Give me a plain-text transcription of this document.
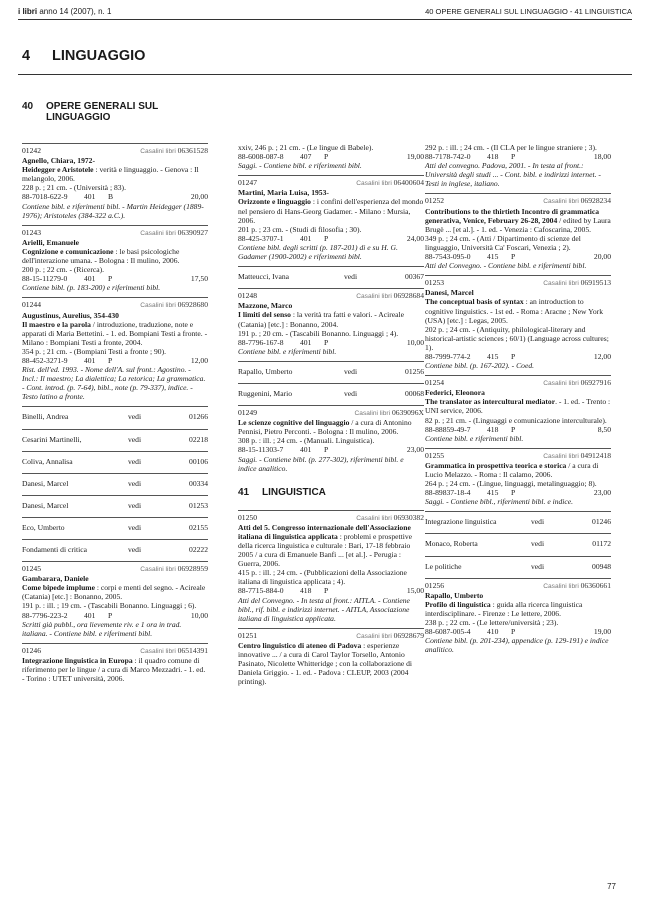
i libri anno 14 (2007), n. 1	40 OPERE GENERALI SUL LINGUAGGIO - 41 LINGUISTICA
4 LINGUAGGIO
40	OPERE GENERALI SUL LINGUAGGIO
01242	Casalini libri 06361528
Agnello, Chiara, 1972-
Heidegger e Aristotele : verità e linguaggio. - Genova : Il melangolo, 2006.
228 p. ; 21 cm. - (Università ; 83).
88-7018-622-9	401	B	20,00
Contiene bibl. e riferimenti bibl. - Martin Heidegger (1889-1976); Aristoteles (384-322 a.C.).
01243	Casalini libri 06390927
Arielli, Emanuele
Cognizione e comunicazione : le basi psicologiche dell'interazione umana. - Bologna : Il mulino, 2006.
200 p. ; 22 cm. - (Ricerca).
88-15-11279-0	401	P	17,50
Contiene bibl. (p. 183-200) e riferimenti bibl.
01244	Casalini libri 06928680
Augustinus, Aurelius, 354-430
Il maestro e la parola / introduzione, traduzione, note e apparati di Maria Bettetini. - 1. ed. Bompiani Testi a fronte. - Milano : Bompiani Testi a fronte, 2004.
354 p. ; 21 cm. - (Bompiani Testi a fronte ; 90).
88-452-3271-9	401	P	12,00
Rist. dell'ed. 1993. - Nome dell'A. sul front.: Agostino. - Incl.: Il maestro; La dialettica; La retorica; La grammatica. - Cont. introd. (p. 7-64), bibl., note (p. 79-337), indice. - Testo latino a fronte.
Binelli, Andrea	vedi	01266
Cesarini Martinelli,	vedi	02218
Coliva, Annalisa	vedi	00106
Danesi, Marcel	vedi	00334
Danesi, Marcel	vedi	01253
Eco, Umberto	vedi	02155
Fondamenti di critica	vedi	02222
01245	Casalini libri 06928959
Gambarara, Daniele
Come bipede implume : corpi e menti del segno. - Acireale (Catania) [etc.] : Bonanno, 2005.
191 p. : ill. ; 19 cm. - (Tascabili Bonanno. Linguaggi ; 6).
88-7796-223-2	401	P	10,00
Scritti già pubbl., ora lievemente riv. e 1 ora in trad. italiana. - Contiene bibl. e riferimenti bibl.
01246	Casalini libri 06514391
Integrazione linguistica in Europa : il quadro comune di riferimento per le lingue / a cura di Marco Mezzadri. - 1. ed. - Torino : UTET università, 2006.
xxiv, 246 p. ; 21 cm. - (Le lingue di Babele).
88-6008-087-8	407	P	19,00
Saggi. - Contiene bibl. e riferimenti bibl.
01247	Casalini libri 06400604
Martini, Maria Luisa, 1953-
Orizzonte e linguaggio : i confini dell'esperienza del mondo nel pensiero di Hans-Georg Gadamer. - Milano : Mursia, 2006.
201 p. ; 23 cm. - (Studi di filosofia ; 30).
88-425-3707-1	401	P	24,00
Contiene bibl. degli scritti (p. 187-201) di e su H. G. Gadamer (1900-2002) e riferimenti bibl.
Matteucci, Ivana	vedi	00367
01248	Casalini libri 06928684
Mazzone, Marco
I limiti del senso : la verità tra fatti e valori. - Acireale (Catania) [etc.] : Bonanno, 2004.
191 p. ; 20 cm. - (Tascabili Bonanno. Linguaggi ; 4).
88-7796-167-8	401	P	10,00
Contiene bibl. e riferimenti bibl.
Rapallo, Umberto	vedi	01256
Ruggenini, Mario	vedi	00068
01249	Casalini libri 0639096X
Le scienze cognitive del linguaggio / a cura di Antonino Pennisi, Pietro Perconti. - Bologna : Il mulino, 2006.
308 p. : ill. ; 24 cm. - (Manuali. Linguistica).
88-15-11303-7	401	P	23,00
Saggi. - Contiene bibl. (p. 277-302), riferimenti bibl. e indice analitico.
41	LINGUISTICA
01250	Casalini libri 06930382
Atti del 5. Congresso internazionale dell'Associazione italiana di linguistica applicata : problemi e prospettive della ricerca linguistica e culturale : Bari, 17-18 febbraio 2005 / a cura di Emanuele Banfi ... [et al.]. - Perugia : Guerra, 2006.
415 p. : ill. ; 24 cm. - (Pubblicazioni della Associazione italiana di linguistica applicata ; 4).
88-7715-884-0	418	P	15,00
Atti del Convegno. - In testa al front.: AITLA. - Contiene bibl., rif. bibl. e indirizzi internet. - AITLA, Associazione italiana di linguistica applicata.
01251	Casalini libri 06928679
Centro linguistico di ateneo di Padova : esperienze innovative ... / a cura di Carol Taylor Torsello, Antonio Pasinato, Nicolette Whitteridge ; con la collaborazione di Daniela Griggio. - 1. ed. - Padova : CLEUP, 2003 (2004 printing).
292 p. : ill. ; 24 cm. - (Il CLA per le lingue straniere ; 3).
88-7178-742-0	418	P	18,00
Atti del convegno. Padova, 2001. - In testa al front.: Università degli studi ... - Cont. bibl. e indirizzi internet. - Testi in inglese, italiano.
01252	Casalini libri 06928234
Contributions to the thirtieth Incontro di grammatica generativa, Venice, February 26-28, 2004 / edited by Laura Brugè ... [et al.]. - 1. ed. - Venezia : Cafoscarina, 2005.
349 p. ; 24 cm. - (Atti / Dipartimento di scienze del linguaggio, Università Ca' Foscari, Venezia ; 2).
88-7543-095-0	415	P	20,00
Atti del Convegno. - Contiene bibl. e riferimenti bibl.
01253	Casalini libri 06919513
Danesi, Marcel
The conceptual basis of syntax : an introduction to cognitive linguistics. - 1st ed. - Roma : Aracne ; New York (USA) [etc.] : Legas, 2005.
202 p. ; 24 cm. - (Antiquity, philological-literary and historical-artistic sciences ; 60/1) (Language across cultures; 1).
88-7999-774-2	415	P	12,00
Contiene bibl. (p. 167-202). - Coed.
01254	Casalini libri 06927916
Federici, Eleonora
The translator as intercultural mediator. - 1. ed. - Trento : UNI service, 2006.
82 p. ; 21 cm. - (Linguaggi e comunicazione interculturale).
88-88859-49-7	418	P	8,50
Contiene bibl. e riferimenti bibl.
01255	Casalini libri 04912418
Grammatica in prospettiva teorica e storica / a cura di Lucio Melazzo. - Roma : Il calamo, 2006.
264 p. ; 24 cm. - (Lingue, linguaggi, metalinguaggio; 8).
88-89837-18-4	415	P	23,00
Saggi. - Contiene bibl., riferimenti bibl. e indice.
Integrazione linguistica	vedi	01246
Monaco, Roberta	vedi	01172
Le politiche	vedi	00948
01256	Casalini libri 06360661
Rapallo, Umberto
Profilo di linguistica : guida alla ricerca linguistica interdisciplinare. - Firenze : Le lettere, 2006.
238 p. ; 22 cm. - (Le lettere/università ; 23).
88-6087-005-4	410	P	19,00
Contiene bibl. (p. 201-234), appendice (p. 129-191) e indice analitico.
77
